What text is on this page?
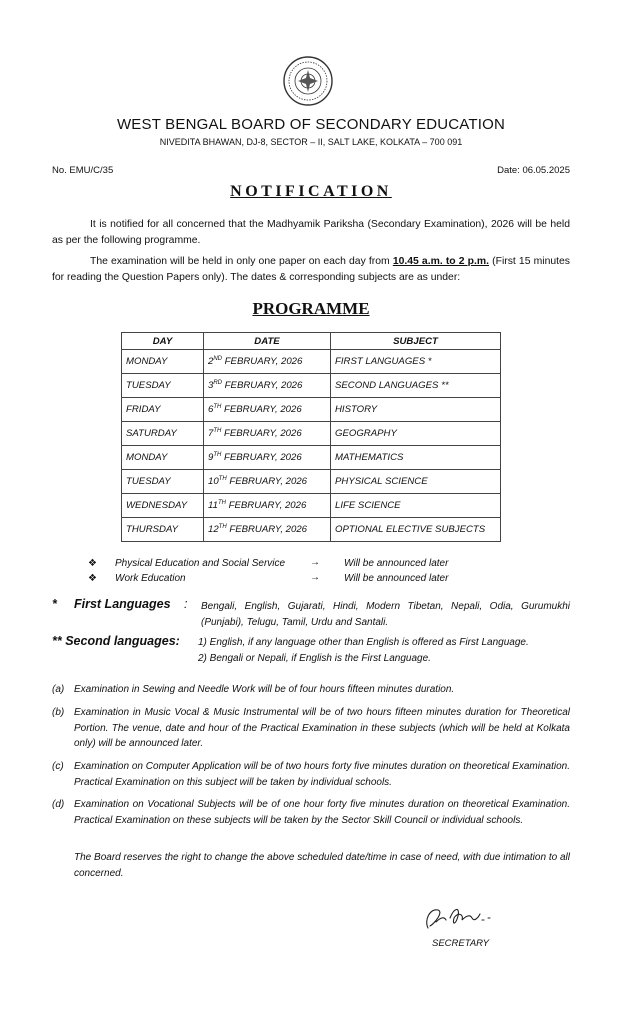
WEST BENGAL BOARD OF SECONDARY EDUCATION
NIVEDITA BHAWAN, DJ-8, SECTOR – II, SALT LAKE, KOLKATA – 700 091
No. EMU/C/35	Date: 06.05.2025
NOTIFICATION
It is notified for all concerned that the Madhyamik Pariksha (Secondary Examination), 2026 will be held as per the following programme.
The examination will be held in only one paper on each day from 10.45 a.m. to 2 p.m. (First 15 minutes for reading the Question Papers only). The dates & corresponding subjects are as under:
PROGRAMME
DAY	DATE	SUBJECT
MONDAY	2ND FEBRUARY, 2026	FIRST LANGUAGES *
TUESDAY	3RD FEBRUARY, 2026	SECOND LANGUAGES **
FRIDAY	6TH FEBRUARY, 2026	HISTORY
SATURDAY	7TH FEBRUARY, 2026	GEOGRAPHY
MONDAY	9TH FEBRUARY, 2026	MATHEMATICS
TUESDAY	10TH FEBRUARY, 2026	PHYSICAL SCIENCE
WEDNESDAY	11TH FEBRUARY, 2026	LIFE SCIENCE
THURSDAY	12TH FEBRUARY, 2026	OPTIONAL ELECTIVE SUBJECTS
❖ Physical Education and Social Service → Will be announced later
❖ Work Education	→ Will be announced later
* First Languages : Bengali, English, Gujarati, Hindi, Modern Tibetan, Nepali, Odia, Gurumukhi (Punjabi), Telugu, Tamil, Urdu and Santali.
** Second languages: 1) English, if any language other than English is offered as First Language.
2) Bengali or Nepali, if English is the First Language.
(a) Examination in Sewing and Needle Work will be of four hours fifteen minutes duration.
(b) Examination in Music Vocal & Music Instrumental will be of two hours fifteen minutes duration for Theoretical Portion. The venue, date and hour of the Practical Examination in these subjects (which will be held at Kolkata only) will be announced later.
(c) Examination on Computer Application will be of two hours forty five minutes duration on theoretical Examination. Practical Examination on this subject will be taken by individual schools.
(d) Examination on Vocational Subjects will be of one hour forty five minutes duration on theoretical Examination. Practical Examination on these subjects will be taken by the Sector Skill Council or individual schools.
The Board reserves the right to change the above scheduled date/time in case of need, with due intimation to all concerned.
SECRETARY
